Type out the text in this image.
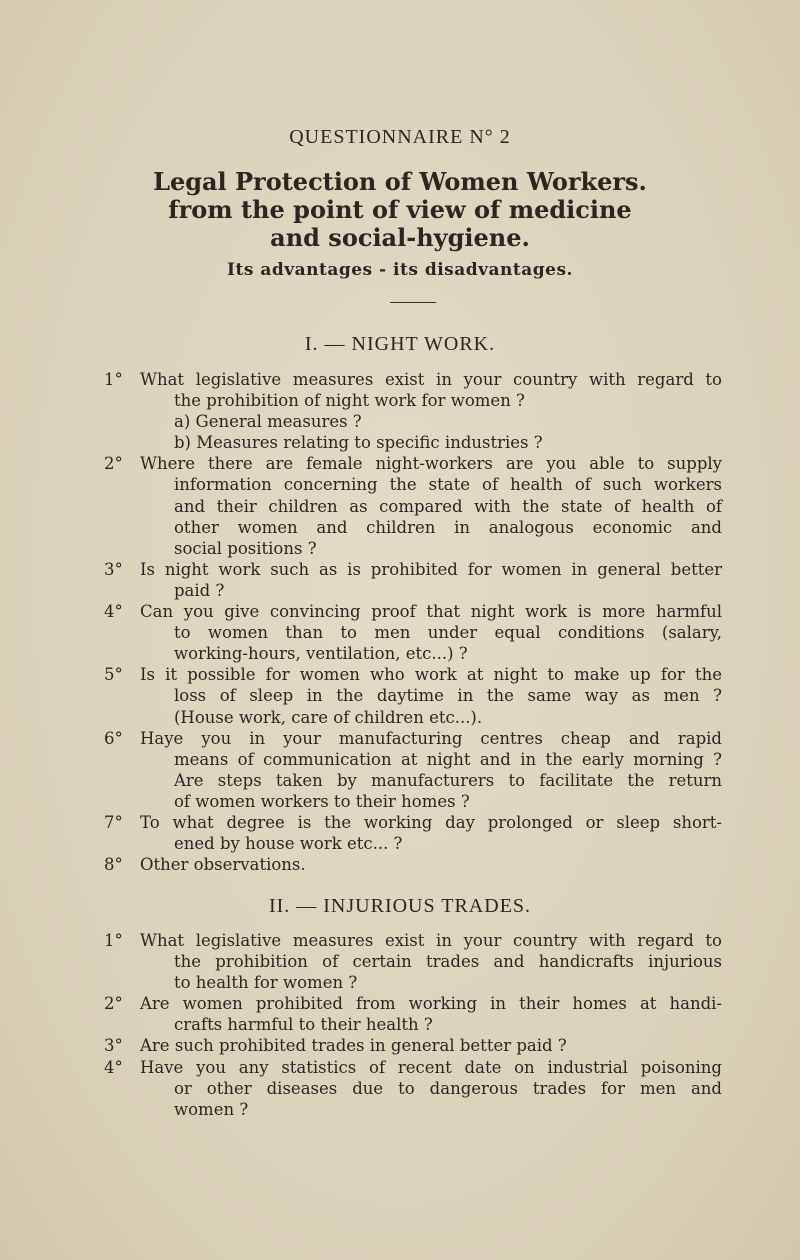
QUESTIONNAIRE N° 2
Legal Protection of Women Workers.
from the point of view of medicine
and social-hygiene.
Its advantages - its disadvantages.
I. — NIGHT WORK.
1°	What legislative measures exist in your country with regard to
the prohibition of night work for women ?
a) General measures ?
b) Measures relating to specific industries ?
2°	Where there are female night-workers are you able to supply
information concerning the state of health of such workers
and their children as compared with the state of health of
other women and children in analogous economic and
social positions ?
3°	Is night work such as is prohibited for women in general better
paid ?
4°	Can you give convincing proof that night work is more harmful
to women than to men under equal conditions (salary,
working-hours, ventilation, etc...) ?
5°	Is it possible for women who work at night to make up for the
loss of sleep in the daytime in the same way as men ?
(House work, care of children etc...).
6°	Haye you in your manufacturing centres cheap and rapid
means of communication at night and in the early morning ?
Are steps taken by manufacturers to facilitate the return
of women workers to their homes ?
7°	To what degree is the working day prolonged or sleep short-
ened by house work etc... ?
8°	Other observations.
II. — INJURIOUS TRADES.
1°	What legislative measures exist in your country with regard to
the prohibition of certain trades and handicrafts injurious
to health for women ?
2°	Are women prohibited from working in their homes at handi-
crafts harmful to their health ?
3°	Are such prohibited trades in general better paid ?
4°	Have you any statistics of recent date on industrial poisoning
or other diseases due to dangerous trades for men and
women ?
